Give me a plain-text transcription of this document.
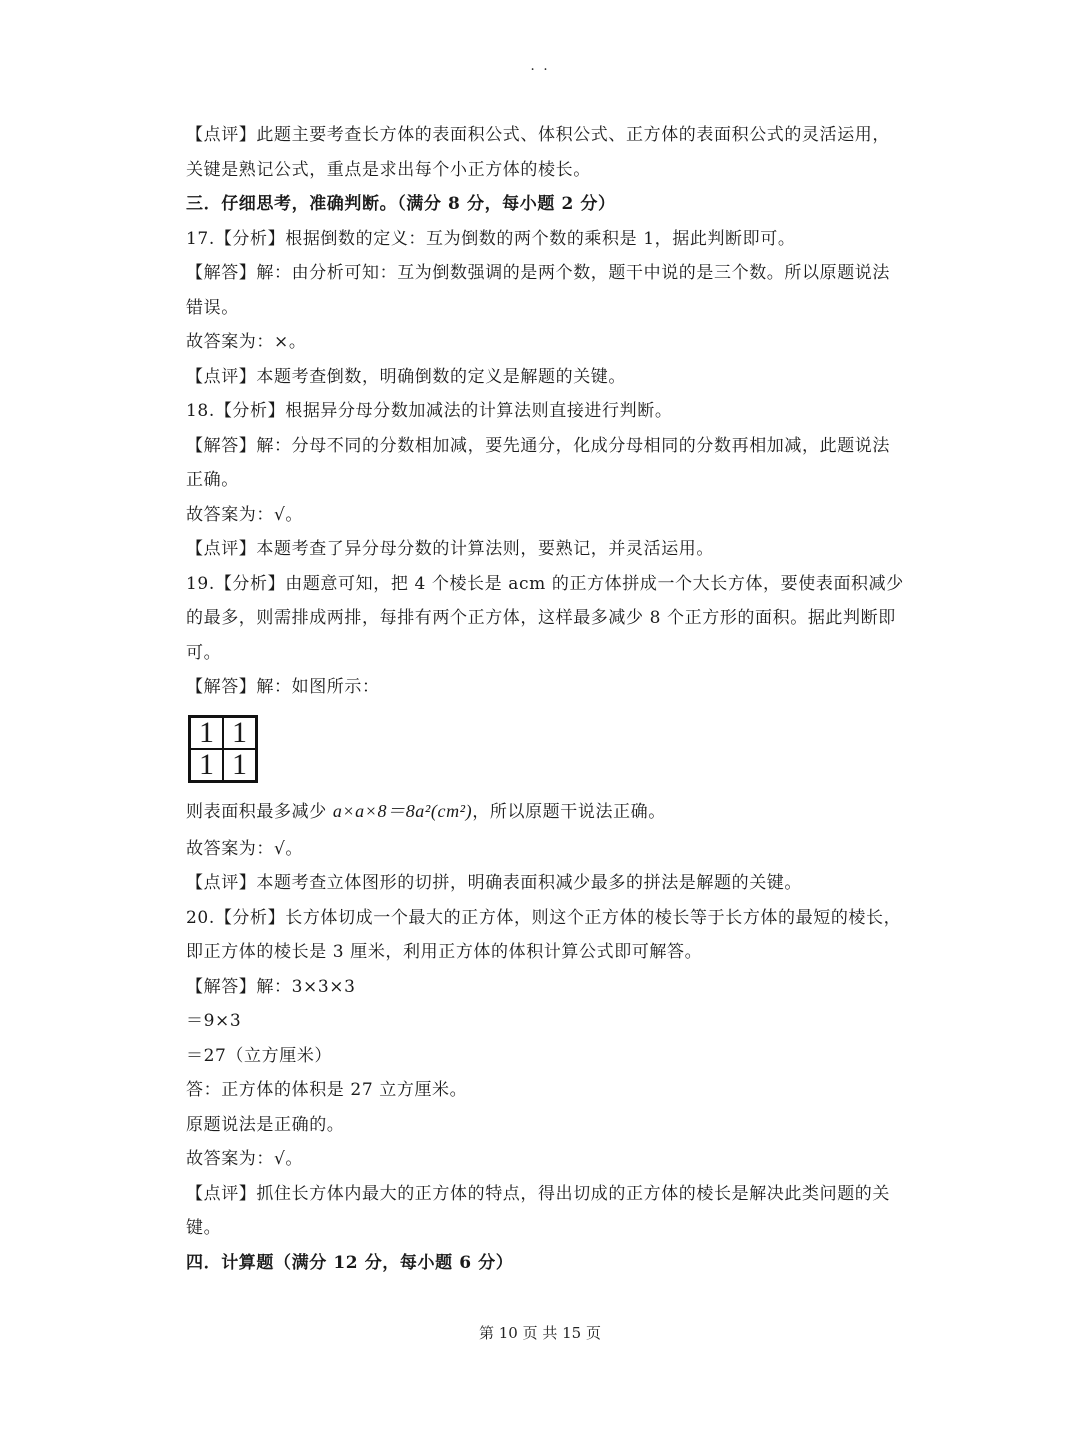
. .
【点评】此题主要考查长方体的表面积公式、体积公式、正方体的表面积公式的灵活运用，
关键是熟记公式，重点是求出每个小正方体的棱长。
三．仔细思考，准确判断。（满分 8 分，每小题 2 分）
17.【分析】根据倒数的定义：互为倒数的两个数的乘积是 1，据此判断即可。
【解答】解：由分析可知：互为倒数强调的是两个数，题干中说的是三个数。所以原题说法
错误。
故答案为：×。
【点评】本题考查倒数，明确倒数的定义是解题的关键。
18.【分析】根据异分母分数加减法的计算法则直接进行判断。
【解答】解：分母不同的分数相加减，要先通分，化成分母相同的分数再相加减，此题说法
正确。
故答案为：√。
【点评】本题考查了异分母分数的计算法则，要熟记，并灵活运用。
19.【分析】由题意可知，把 4 个棱长是 acm 的正方体拼成一个大长方体，要使表面积减少
的最多，则需排成两排，每排有两个正方体，这样最多减少 8 个正方形的面积。据此判断即
可。
【解答】解：如图所示：
1 1
1 1
则表面积最多减少 a×a×8＝8a²(cm²)，所以原题干说法正确。
故答案为：√。
【点评】本题考查立体图形的切拼，明确表面积减少最多的拼法是解题的关键。
20.【分析】长方体切成一个最大的正方体，则这个正方体的棱长等于长方体的最短的棱长，
即正方体的棱长是 3 厘米，利用正方体的体积计算公式即可解答。
【解答】解：3×3×3
＝9×3
＝27（立方厘米）
答：正方体的体积是 27 立方厘米。
原题说法是正确的。
故答案为：√。
【点评】抓住长方体内最大的正方体的特点，得出切成的正方体的棱长是解决此类问题的关
键。
四．计算题（满分 12 分，每小题 6 分）
第 10 页 共 15 页
